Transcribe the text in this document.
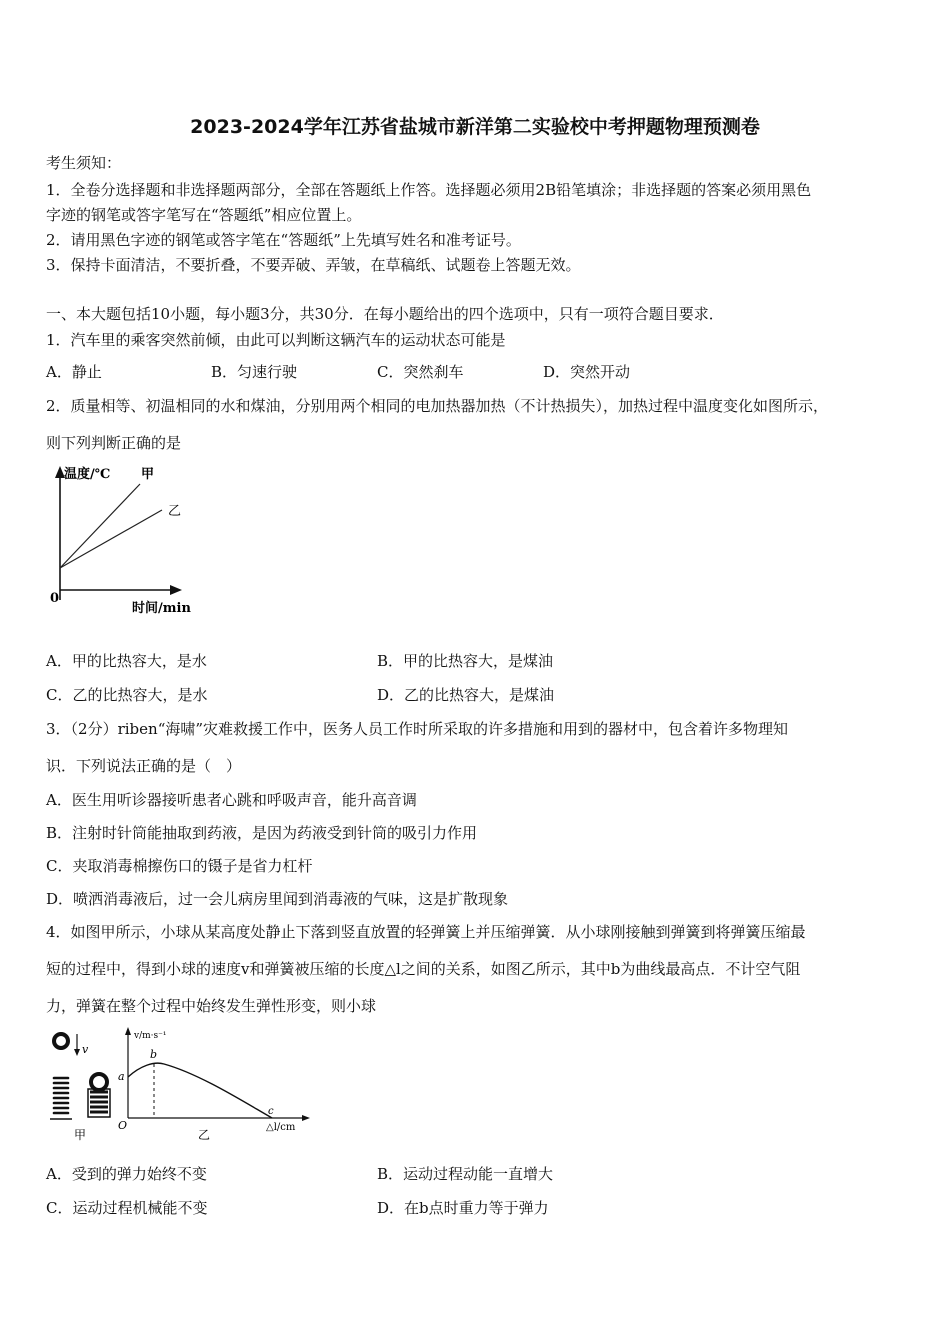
2023-2024学年江苏省盐城市新洋第二实验校中考押题物理预测卷
考生须知：
1．全卷分选择题和非选择题两部分，全部在答题纸上作答。选择题必须用2B铅笔填涂；非选择题的答案必须用黑色
字迹的钢笔或答字笔写在“答题纸”相应位置上。
2．请用黑色字迹的钢笔或答字笔在“答题纸”上先填写姓名和准考证号。
3．保持卡面清洁，不要折叠，不要弄破、弄皱，在草稿纸、试题卷上答题无效。
一、本大题包括10小题，每小题3分，共30分．在每小题给出的四个选项中，只有一项符合题目要求．
1．汽车里的乘客突然前倾，由此可以判断这辆汽车的运动状态可能是
A．静止	B．匀速行驶	C．突然刹车	D．突然开动
2．质量相等、初温相同的水和煤油，分别用两个相同的电加热器加热（不计热损失），加热过程中温度变化如图所示，
则下列判断正确的是
温度/℃ 甲
乙
0
时间/min
A．甲的比热容大，是水	B．甲的比热容大，是煤油
C．乙的比热容大，是水	D．乙的比热容大，是煤油
3．（2分）riben“海啸”灾难救援工作中，医务人员工作时所采取的许多措施和用到的器材中，包含着许多物理知
识．下列说法正确的是（　）
A．医生用听诊器接听患者心跳和呼吸声音，能升高音调
B．注射时针筒能抽取到药液，是因为药液受到针筒的吸引力作用
C．夹取消毒棉擦伤口的镊子是省力杠杆
D．喷洒消毒液后，过一会儿病房里闻到消毒液的气味，这是扩散现象
4．如图甲所示，小球从某高度处静止下落到竖直放置的轻弹簧上并压缩弹簧．从小球刚接触到弹簧到将弹簧压缩最
短的过程中，得到小球的速度v和弹簧被压缩的长度△l之间的关系，如图乙所示，其中b为曲线最高点．不计空气阻
力，弹簧在整个过程中始终发生弹性形变，则小球
v
甲
v/m·s⁻¹
a
b
c
O	△l/cm
乙
A．受到的弹力始终不变	B．运动过程动能一直增大
C．运动过程机械能不变	D．在b点时重力等于弹力
